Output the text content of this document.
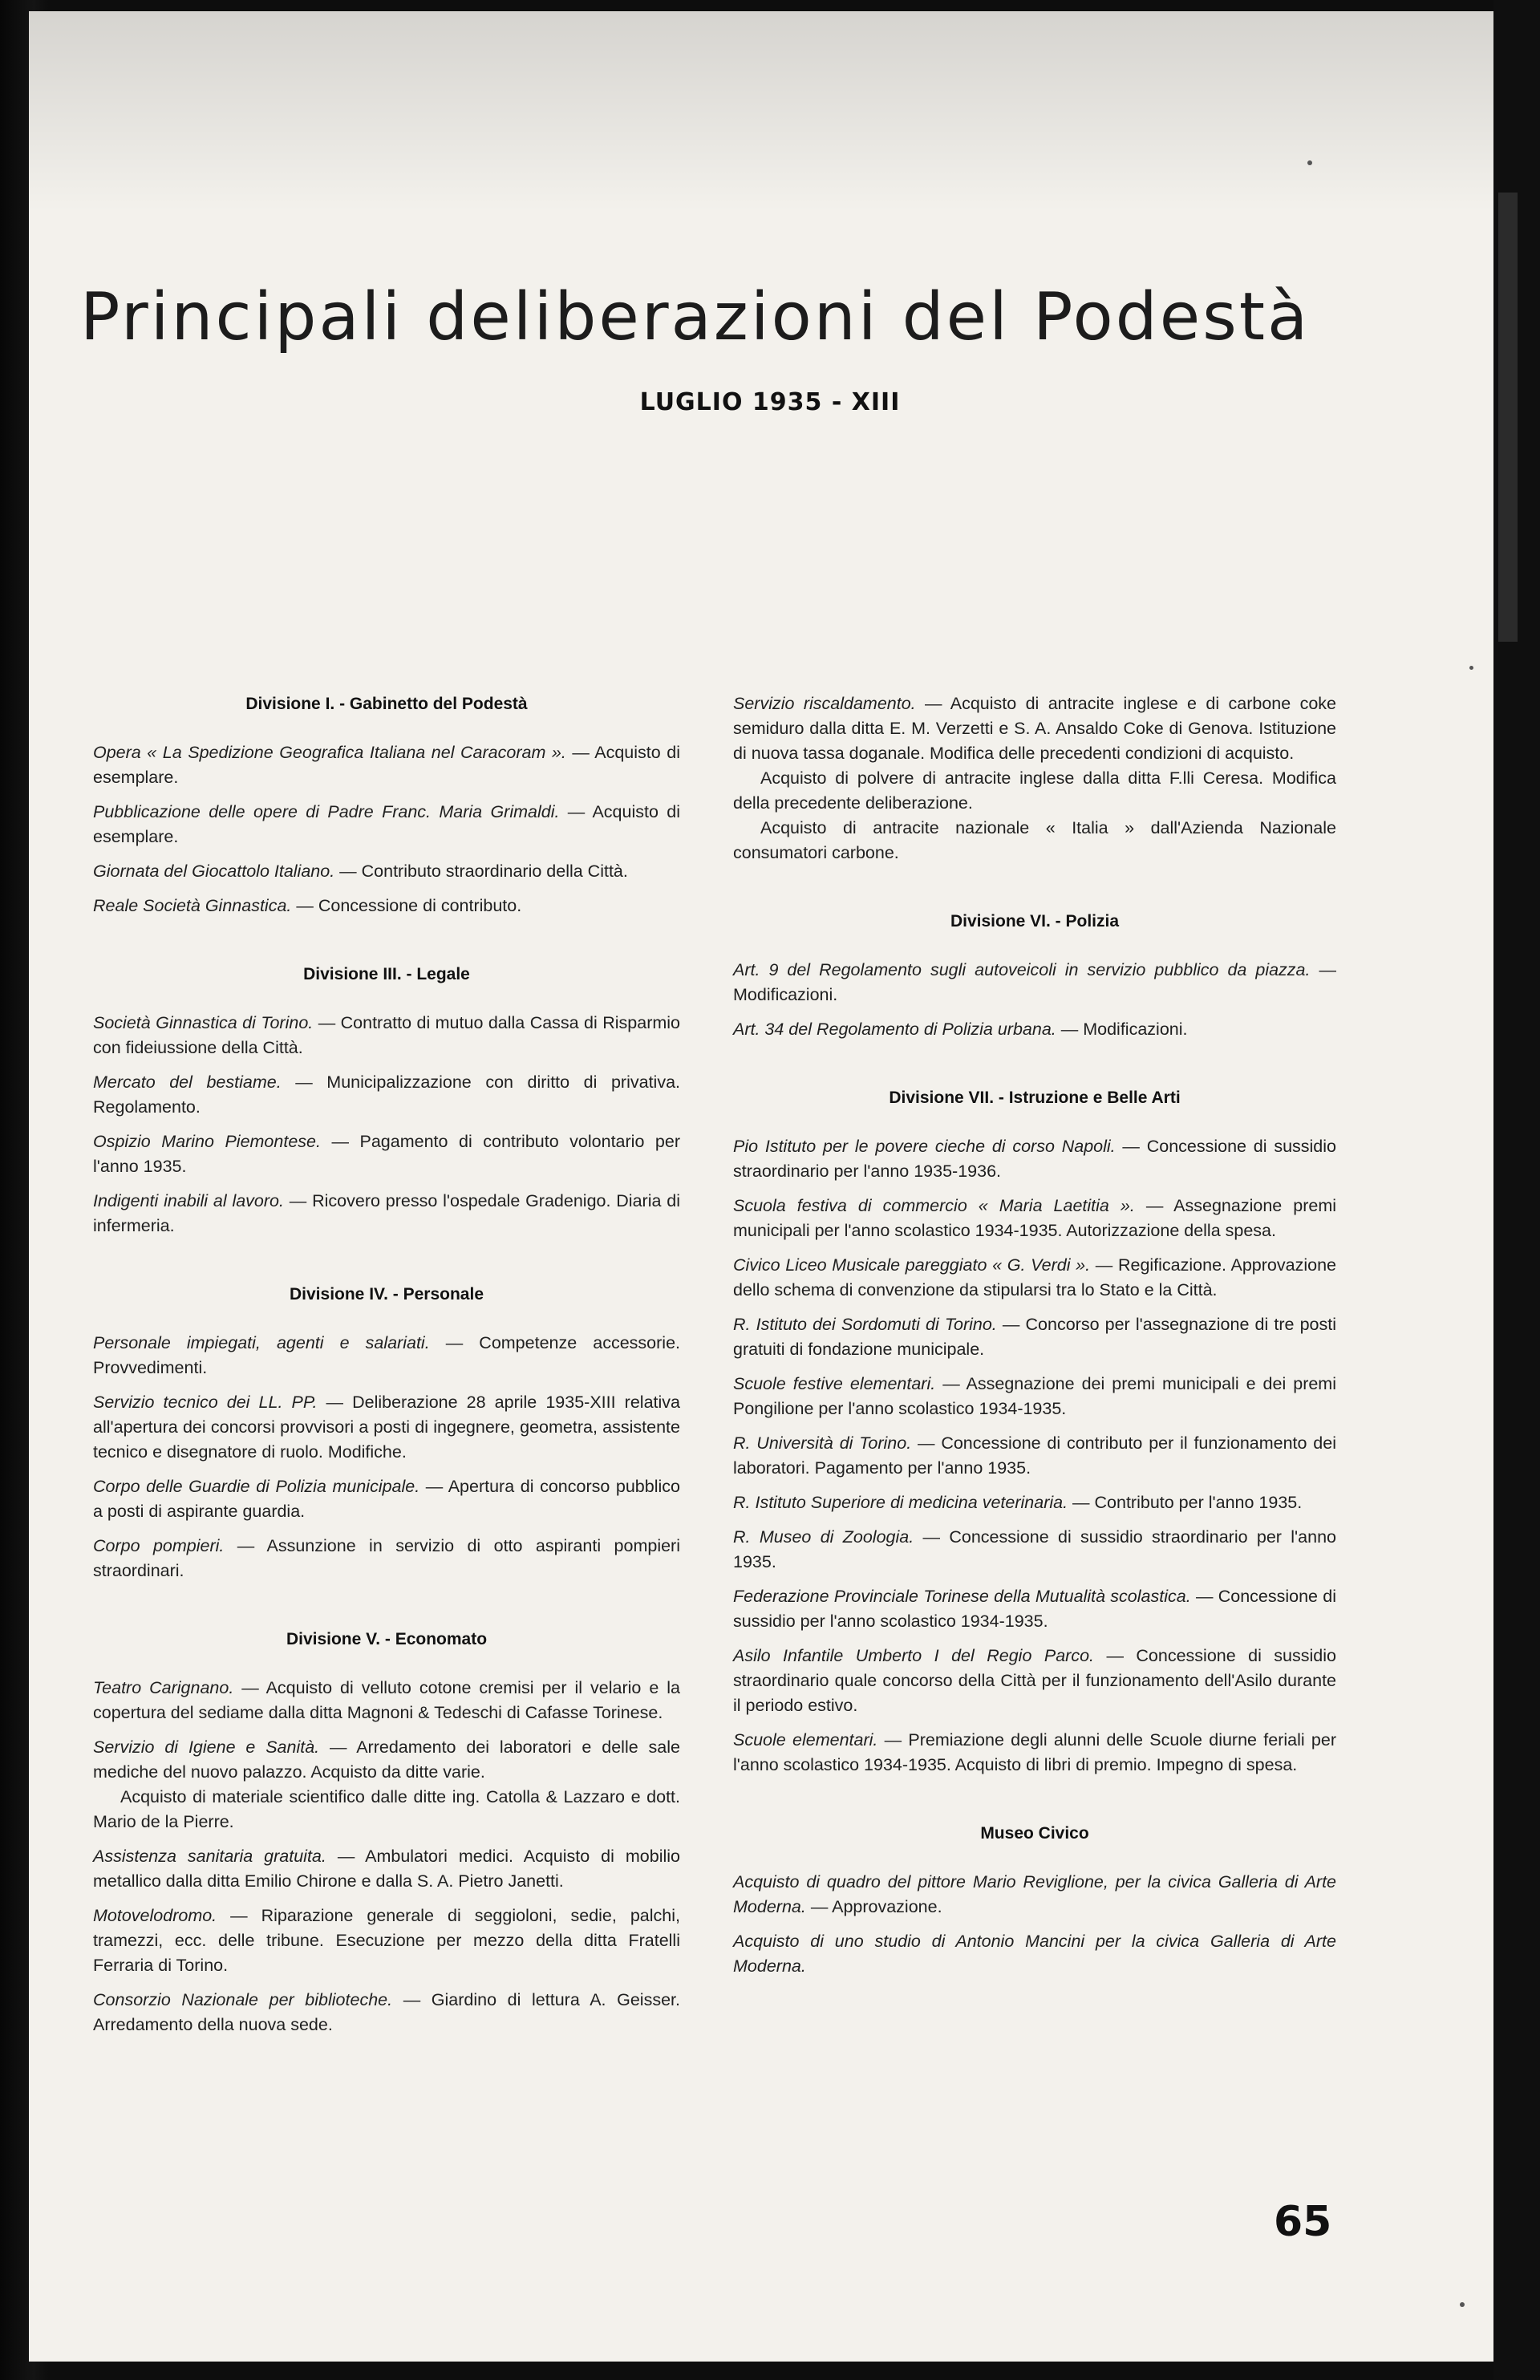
Principali deliberazioni del Podestà
LUGLIO 1935 - XIII
Divisione I. - Gabinetto del Podestà

Opera « La Spedizione Geografica Italiana nel Caracoram ». — Acquisto di esemplare.

Pubblicazione delle opere di Padre Franc. Maria Grimaldi. — Acquisto di esemplare.

Giornata del Giocattolo Italiano. — Contributo straordinario della Città.

Reale Società Ginnastica. — Concessione di contributo.

Divisione III. - Legale

Società Ginnastica di Torino. — Contratto di mutuo dalla Cassa di Risparmio con fideiussione della Città.

Mercato del bestiame. — Municipalizzazione con diritto di privativa. Regolamento.

Ospizio Marino Piemontese. — Pagamento di contributo volontario per l'anno 1935.

Indigenti inabili al lavoro. — Ricovero presso l'ospedale Gradenigo. Diaria di infermeria.

Divisione IV. - Personale

Personale impiegati, agenti e salariati. — Competenze accessorie. Provvedimenti.

Servizio tecnico dei LL. PP. — Deliberazione 28 aprile 1935-XIII relativa all'apertura dei concorsi provvisori a posti di ingegnere, geometra, assistente tecnico e disegnatore di ruolo. Modifiche.

Corpo delle Guardie di Polizia municipale. — Apertura di concorso pubblico a posti di aspirante guardia.

Corpo pompieri. — Assunzione in servizio di otto aspiranti pompieri straordinari.

Divisione V. - Economato

Teatro Carignano. — Acquisto di velluto cotone cremisi per il velario e la copertura del sediame dalla ditta Magnoni & Tedeschi di Cafasse Torinese.

Servizio di Igiene e Sanità. — Arredamento dei laboratori e delle sale mediche del nuovo palazzo. Acquisto da ditte varie.

Acquisto di materiale scientifico dalle ditte ing. Catolla & Lazzaro e dott. Mario de la Pierre.

Assistenza sanitaria gratuita. — Ambulatori medici. Acquisto di mobilio metallico dalla ditta Emilio Chirone e dalla S. A. Pietro Janetti.

Motovelodromo. — Riparazione generale di seggioloni, sedie, palchi, tramezzi, ecc. delle tribune. Esecuzione per mezzo della ditta Fratelli Ferraria di Torino.

Consorzio Nazionale per biblioteche. — Giardino di lettura A. Geisser. Arredamento della nuova sede.

Servizio riscaldamento. — Acquisto di antracite inglese e di carbone coke semiduro dalla ditta E. M. Verzetti e S. A. Ansaldo Coke di Genova. Istituzione di nuova tassa doganale. Modifica delle precedenti condizioni di acquisto.

Acquisto di polvere di antracite inglese dalla ditta F.lli Ceresa. Modifica della precedente deliberazione.

Acquisto di antracite nazionale « Italia » dall'Azienda Nazionale consumatori carbone.

Divisione VI. - Polizia

Art. 9 del Regolamento sugli autoveicoli in servizio pubblico da piazza. — Modificazioni.

Art. 34 del Regolamento di Polizia urbana. — Modificazioni.

Divisione VII. - Istruzione e Belle Arti

Pio Istituto per le povere cieche di corso Napoli. — Concessione di sussidio straordinario per l'anno 1935-1936.

Scuola festiva di commercio « Maria Laetitia ». — Assegnazione premi municipali per l'anno scolastico 1934-1935. Autorizzazione della spesa.

Civico Liceo Musicale pareggiato « G. Verdi ». — Regificazione. Approvazione dello schema di convenzione da stipularsi tra lo Stato e la Città.

R. Istituto dei Sordomuti di Torino. — Concorso per l'assegnazione di tre posti gratuiti di fondazione municipale.

Scuole festive elementari. — Assegnazione dei premi municipali e dei premi Pongilione per l'anno scolastico 1934-1935.

R. Università di Torino. — Concessione di contributo per il funzionamento dei laboratori. Pagamento per l'anno 1935.

R. Istituto Superiore di medicina veterinaria. — Contributo per l'anno 1935.

R. Museo di Zoologia. — Concessione di sussidio straordinario per l'anno 1935.

Federazione Provinciale Torinese della Mutualità scolastica. — Concessione di sussidio per l'anno scolastico 1934-1935.

Asilo Infantile Umberto I del Regio Parco. — Concessione di sussidio straordinario quale concorso della Città per il funzionamento dell'Asilo durante il periodo estivo.

Scuole elementari. — Premiazione degli alunni delle Scuole diurne feriali per l'anno scolastico 1934-1935. Acquisto di libri di premio. Impegno di spesa.

Museo Civico

Acquisto di quadro del pittore Mario Reviglione, per la civica Galleria di Arte Moderna. — Approvazione.

Acquisto di uno studio di Antonio Mancini per la civica Galleria di Arte Moderna.

65
